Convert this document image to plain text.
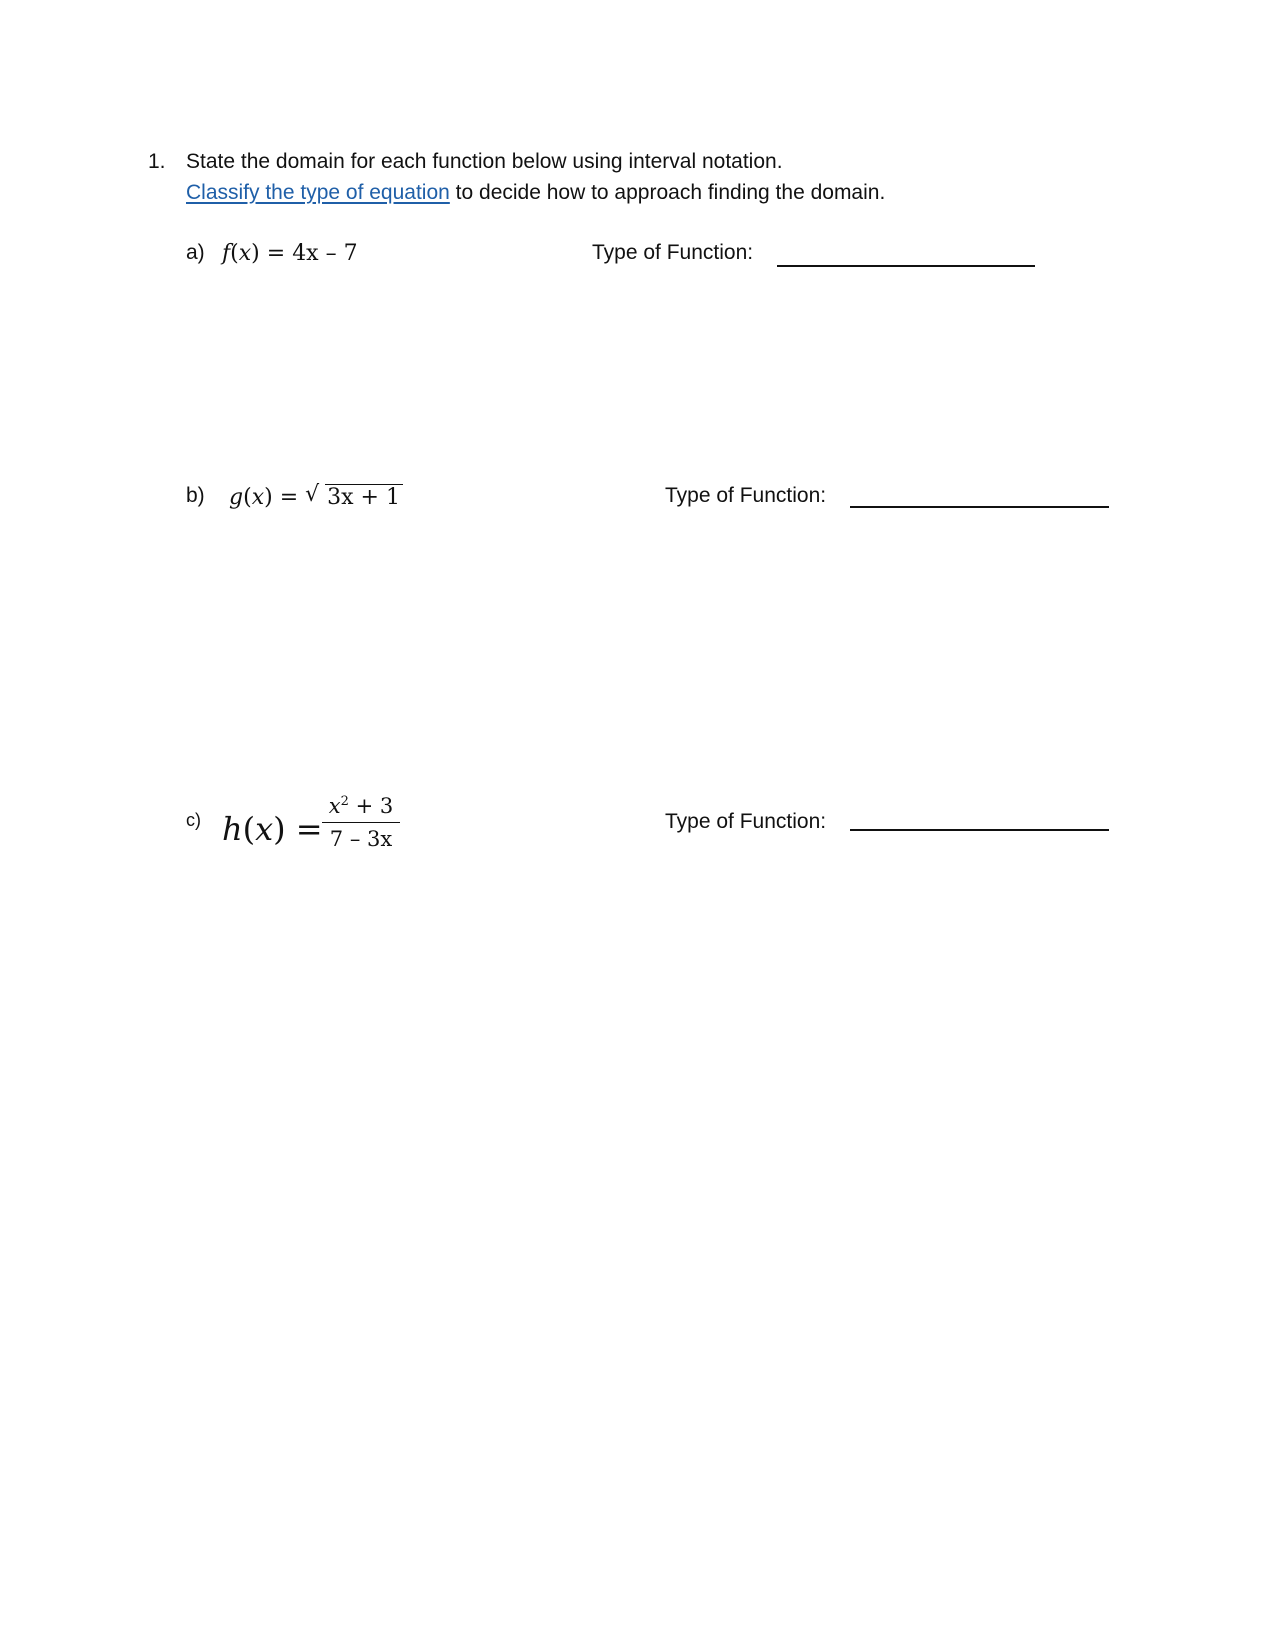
1. State the domain for each function below using interval notation.
Classify the type of equation to decide how to approach finding the domain.
a) f(x) = 4x – 7	Type of Function:
b) g(x) = √ 3x + 1	Type of Function:
c) h(x) =
$x^2 + 3$
7 – 3x
Type of Function:
